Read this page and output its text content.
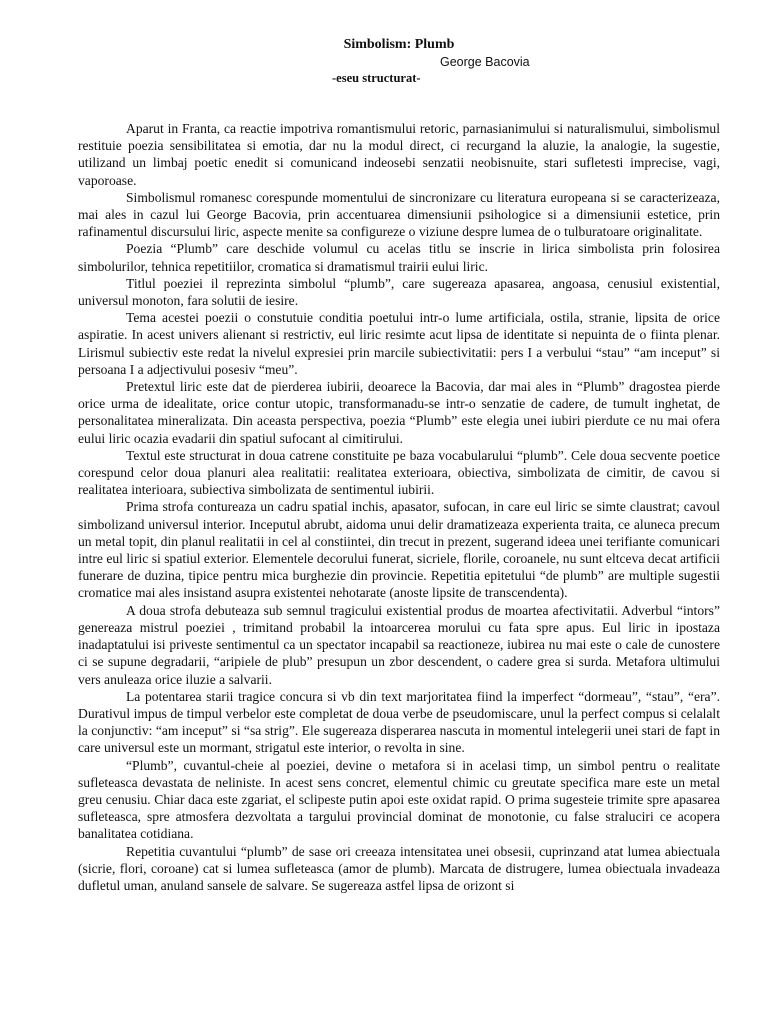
Simbolism: Plumb
George Bacovia
-eseu structurat-

Aparut in Franta, ca reactie impotriva romantismului retoric, parnasianimului si naturalismului, simbolismul restituie poezia sensibilitatea si emotia, dar nu la modul direct, ci recurgand la aluzie, la analogie, la sugestie, utilizand un limbaj poetic enedit si comunicand indeosebi senzatii neobisnuite, stari sufletesti imprecise, vagi, vaporoase.

Simbolismul romanesc corespunde momentului de sincronizare cu literatura europeana si se caracterizeaza, mai ales in cazul lui George Bacovia, prin accentuarea dimensiunii psihologice si a dimensiunii estetice, prin rafinamentul discursului liric, aspecte menite sa configureze o viziune despre lumea de o tulburatoare originalitate.

Poezia “Plumb” care deschide volumul cu acelas titlu se inscrie in lirica simbolista prin folosirea simbolurilor, tehnica repetitiilor, cromatica si dramatismul trairii eului liric.

Titlul poeziei il reprezinta simbolul “plumb”, care sugereaza apasarea, angoasa, cenusiul existential, universul monoton, fara solutii de iesire.

Tema acestei poezii o constutuie conditia poetului intr-o lume artificiala, ostila, stranie, lipsita de orice aspiratie. In acest univers alienant si restrictiv, eul liric resimte acut lipsa de identitate si nepuinta de o fiinta plenar. Lirismul subiectiv este redat la nivelul expresiei prin marcile subiectivitatii: pers I a verbului “stau” “am inceput” si persoana I a adjectivului posesiv “meu”.

Pretextul liric este dat de pierderea iubirii, deoarece la Bacovia, dar mai ales in “Plumb” dragostea pierde orice urma de idealitate, orice contur utopic, transformanadu-se intr-o senzatie de cadere, de tumult inghetat, de personalitatea mineralizata. Din aceasta perspectiva, poezia “Plumb” este elegia unei iubiri pierdute ce nu mai ofera eului liric ocazia evadarii din spatiul sufocant al cimitirului.

Textul este structurat in doua catrene constituite pe baza vocabularului “plumb”. Cele doua secvente poetice corespund celor doua planuri alea realitatii: realitatea exterioara, obiectiva, simbolizata de cimitir, de cavou si realitatea interioara, subiectiva simbolizata de sentimentul iubirii.

Prima strofa contureaza un cadru spatial inchis, apasator, sufocan, in care eul liric se simte claustrat; cavoul simbolizand universul interior. Inceputul abrubt, aidoma unui delir dramatizeaza experienta traita, ce aluneca precum un metal topit, din planul realitatii in cel al constiintei, din trecut in prezent, sugerand ideea unei terifiante comunicari intre eul liric si spatiul exterior. Elementele decorului funerat, sicriele, florile, coroanele, nu sunt eltceva decat artificii funerare de duzina, tipice pentru mica burghezie din provincie. Repetitia epitetului “de plumb” are multiple sugestii cromatice mai ales insistand asupra existentei nehotarate (anoste lipsite de transcendenta).

A doua strofa debuteaza sub semnul tragicului existential produs de moartea afectivitatii. Adverbul “intors” genereaza mistrul poeziei , trimitand probabil la intoarcerea morului cu fata spre apus. Eul liric in ipostaza inadaptatului isi priveste sentimentul ca un spectator incapabil sa reactioneze, iubirea nu mai este o cale de cunostere ci se supune degradarii, “aripiele de plub” presupun un zbor descendent, o cadere grea si surda. Metafora ultimului vers anuleaza orice iluzie a salvarii.

La potentarea starii tragice concura si vb din text marjoritatea fiind la imperfect “dormeau”, “stau”, “era”. Durativul impus de timpul verbelor este completat de doua verbe de pseudomiscare, unul la perfect compus si celalalt la conjunctiv: “am inceput” si “sa strig”. Ele sugereaza disperarea nascuta in momentul intelegerii unei stari de fapt in care universul este un mormant, strigatul este interior, o revolta in sine.

“Plumb”, cuvantul-cheie al poeziei, devine o metafora si in acelasi timp, un simbol pentru o realitate sufleteasca devastata de neliniste. In acest sens concret, elementul chimic cu greutate specifica mare este un metal greu cenusiu. Chiar daca este zgariat, el sclipeste putin apoi este oxidat rapid. O prima sugesteie trimite spre apasarea sufleteasca, spre atmosfera dezvoltata a targului provincial dominat de monotonie, cu false straluciri ce acopera banalitatea cotidiana.

Repetitia cuvantului “plumb” de sase ori creeaza intensitatea unei obsesii, cuprinzand atat lumea abiectuala (sicrie, flori, coroane) cat si lumea sufleteasca (amor de plumb). Marcata de distrugere, lumea obiectuala invadeaza dufletul uman, anuland sansele de salvare. Se sugereaza astfel lipsa de orizont si
